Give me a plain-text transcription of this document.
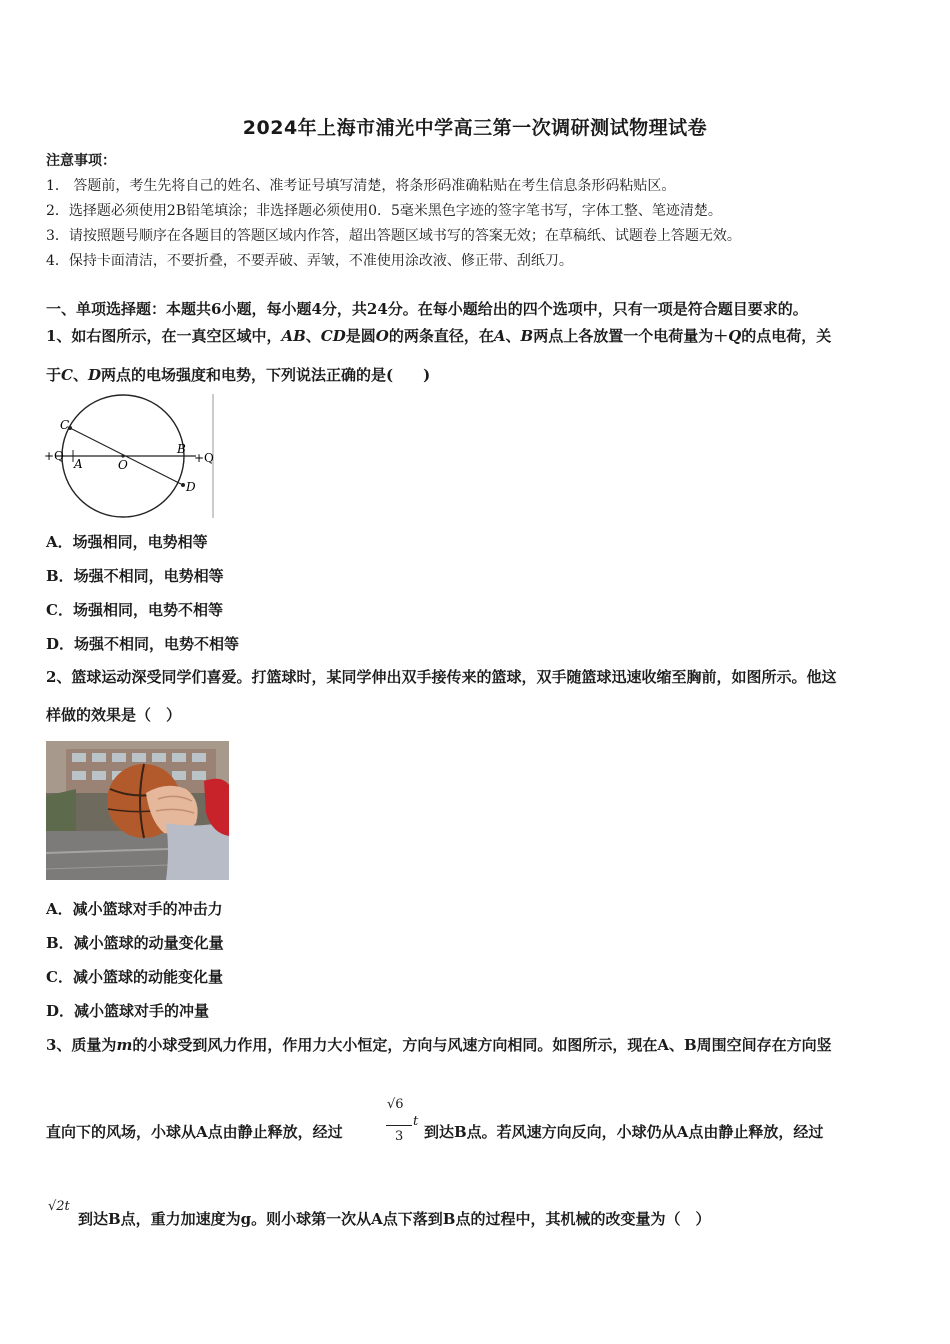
2024年上海市浦光中学高三第一次调研测试物理试卷
注意事项：
1． 答题前，考生先将自己的姓名、准考证号填写清楚，将条形码准确粘贴在考生信息条形码粘贴区。
2．选择题必须使用2B铅笔填涂；非选择题必须使用0．5毫米黑色字迹的签字笔书写，字体工整、笔迹清楚。
3．请按照题号顺序在各题目的答题区域内作答，超出答题区域书写的答案无效；在草稿纸、试题卷上答题无效。
4．保持卡面清洁，不要折叠，不要弄破、弄皱，不准使用涂改液、修正带、刮纸刀。
一、单项选择题：本题共6小题，每小题4分，共24分。在每小题给出的四个选项中，只有一项是符合题目要求的。
1、如右图所示，在一真空区域中，AB、CD是圆O的两条直径，在A、B两点上各放置一个电荷量为＋Q的点电荷，关
于C、D两点的电场强度和电势，下列说法正确的是(　　)
C
B
A	O
D
+Q	+Q
A．场强相同，电势相等
B．场强不相同，电势相等
C．场强相同，电势不相等
D．场强不相同，电势不相等
2、篮球运动深受同学们喜爱。打篮球时，某同学伸出双手接传来的篮球，双手随篮球迅速收缩至胸前，如图所示。他这
样做的效果是（　）
A．减小篮球对手的冲击力
B．减小篮球的动量变化量
C．减小篮球的动能变化量
D．减小篮球对手的冲量
3、质量为m的小球受到风力作用，作用力大小恒定，方向与风速方向相同。如图所示，现在A、B周围空间存在方向竖
直向下的风场，小球从A点由静止释放，经过
√6
3
t
到达B点。若风速方向反向，小球仍从A点由静止释放，经过
√2t
到达B点，重力加速度为g。则小球第一次从A点下落到B点的过程中，其机械的改变量为（　）
